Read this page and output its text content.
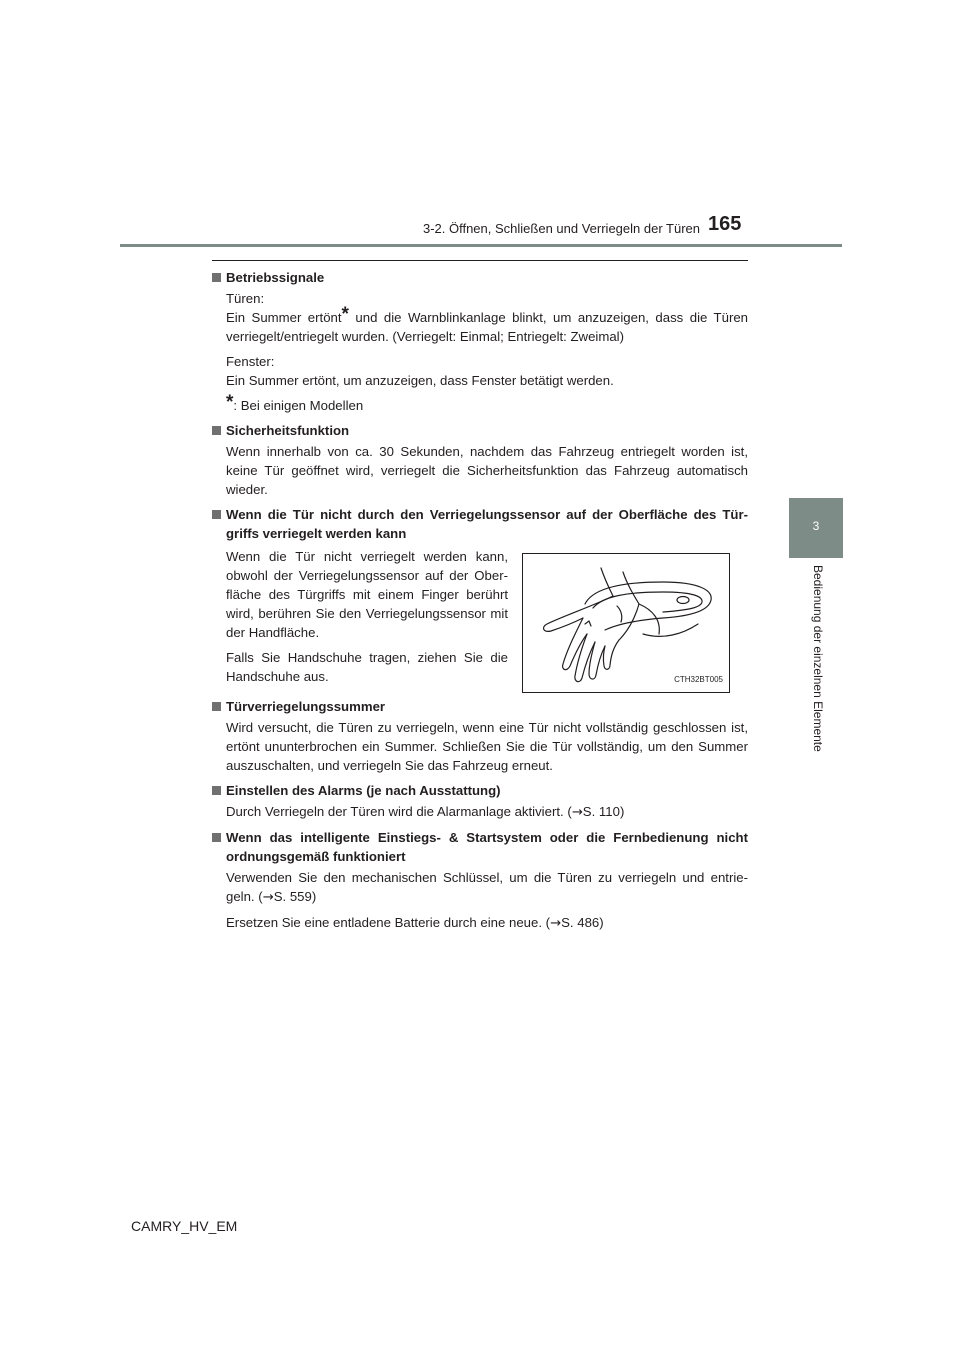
3-2. Öffnen, Schließen und Verriegeln der Türen 165
3
Bedienung der einzelnen Elemente
Betriebssignale

Türen:
Ein Summer ertönt* und die Warnblinkanlage blinkt, um anzuzeigen, dass die Türen verriegelt/entriegelt wurden. (Verriegelt: Einmal; Entriegelt: Zweimal)

Fenster:
Ein Summer ertönt, um anzuzeigen, dass Fenster betätigt werden.

*: Bei einigen Modellen

Sicherheitsfunktion

Wenn innerhalb von ca. 30 Sekunden, nachdem das Fahrzeug entriegelt worden ist, keine Tür geöffnet wird, verriegelt die Sicherheitsfunktion das Fahrzeug automatisch wieder.

Wenn die Tür nicht durch den Verriegelungssensor auf der Oberfläche des Tür-griffs verriegelt werden kann

Wenn die Tür nicht verriegelt werden kann, obwohl der Verriegelungssensor auf der Ober-fläche des Türgriffs mit einem Finger berührt wird, berühren Sie den Verriegelungssensor mit der Handfläche.

Falls Sie Handschuhe tragen, ziehen Sie die Handschuhe aus.	CTH32BT005
Türverriegelungssummer

Wird versucht, die Türen zu verriegeln, wenn eine Tür nicht vollständig geschlossen ist, ertönt ununterbrochen ein Summer. Schließen Sie die Tür vollständig, um den Summer auszuschalten, und verriegeln Sie das Fahrzeug erneut.

Einstellen des Alarms (je nach Ausstattung)

Durch Verriegeln der Türen wird die Alarmanlage aktiviert. (→S. 110)

Wenn das intelligente Einstiegs- & Startsystem oder die Fernbedienung nicht ordnungsgemäß funktioniert

Verwenden Sie den mechanischen Schlüssel, um die Türen zu verriegeln und entrie-geln. (→S. 559)

Ersetzen Sie eine entladene Batterie durch eine neue. (→S. 486)

CAMRY_HV_EM
